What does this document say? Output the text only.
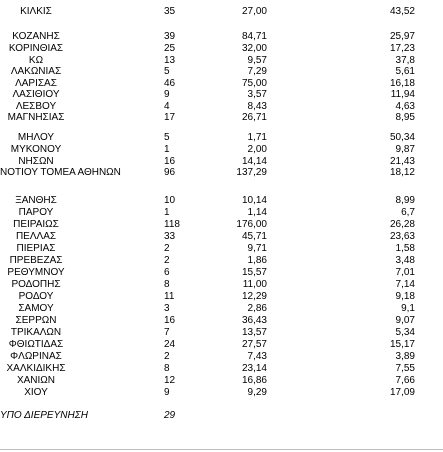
ΚΙΛΚΙΣ	35	27,00	43,52
ΚΟΖΑΝΗΣ	39	84,71	25,97
ΚΟΡΙΝΘΙΑΣ	25	32,00	17,23
ΚΩ	13	9,57	37,8
ΛΑΚΩΝΙΑΣ	5	7,29	5,61
ΛΑΡΙΣΑΣ	46	75,00	16,18
ΛΑΣΙΘΙΟΥ	9	3,57	11,94
ΛΕΣΒΟΥ	4	8,43	4,63
ΜΑΓΝΗΣΙΑΣ	17	26,71	8,95
ΜΗΛΟΥ	5	1,71	50,34
ΜΥΚΟΝΟΥ	1	2,00	9,87
ΝΗΣΩΝ	16	14,14	21,43
ΝΟΤΙΟΥ ΤΟΜΕΑ ΑΘΗΝΩΝ	96	137,29	18,12
ΞΑΝΘΗΣ	10	10,14	8,99
ΠΑΡΟΥ	1	1,14	6,7
ΠΕΙΡΑΙΩΣ	118	176,00	26,28
ΠΕΛΛΑΣ	33	45,71	23,63
ΠΙΕΡΙΑΣ	2	9,71	1,58
ΠΡΕΒΕΖΑΣ	2	1,86	3,48
ΡΕΘΥΜΝΟΥ	6	15,57	7,01
ΡΟΔΟΠΗΣ	8	11,00	7,14
ΡΟΔΟΥ	11	12,29	9,18
ΣΑΜΟΥ	3	2,86	9,1
ΣΕΡΡΩΝ	16	36,43	9,07
ΤΡΙΚΑΛΩΝ	7	13,57	5,34
ΦΘΙΩΤΙΔΑΣ	24	27,57	15,17
ΦΛΩΡΙΝΑΣ	2	7,43	3,89
ΧΑΛΚΙΔΙΚΗΣ	8	23,14	7,55
ΧΑΝΙΩΝ	12	16,86	7,66
ΧΙΟΥ	9	9,29	17,09
ΥΠΟ ΔΙΕΡΕΥΝΗΣΗ	29
